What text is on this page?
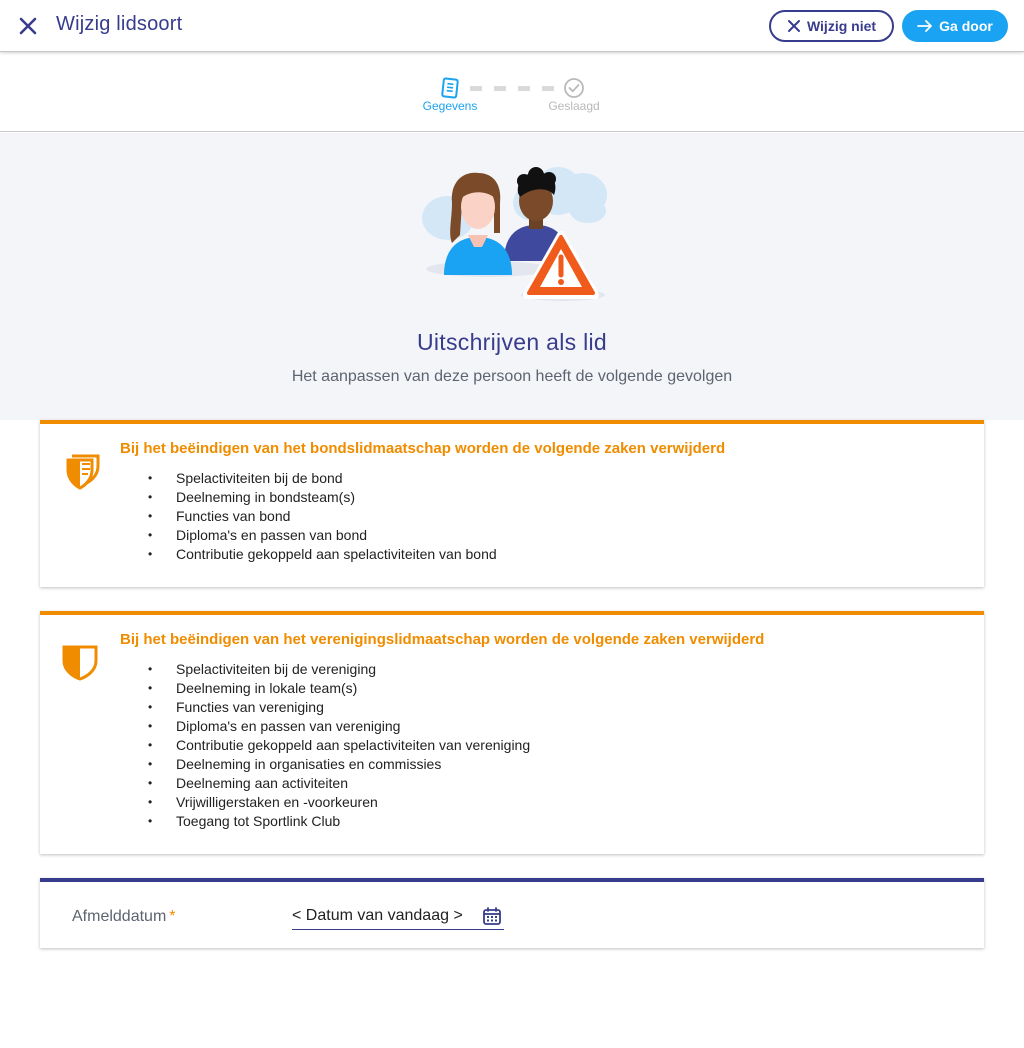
Wijzig lidsoort	Wijzig niet	Ga door
Gegevens	Geslaagd
Uitschrijven als lid
Het aanpassen van deze persoon heeft de volgende gevolgen
Bij het beëindigen van het bondslidmaatschap worden de volgende zaken verwijderd
• Spelactiviteiten bij de bond
• Deelneming in bondsteam(s)
• Functies van bond
• Diploma's en passen van bond
• Contributie gekoppeld aan spelactiviteiten van bond
Bij het beëindigen van het verenigingslidmaatschap worden de volgende zaken verwijderd
• Spelactiviteiten bij de vereniging
• Deelneming in lokale team(s)
• Functies van vereniging
• Diploma's en passen van vereniging
• Contributie gekoppeld aan spelactiviteiten van vereniging
• Deelneming in organisaties en commissies
• Deelneming aan activiteiten
• Vrijwilligerstaken en -voorkeuren
• Toegang tot Sportlink Club
Afmelddatum *	< Datum van vandaag >
